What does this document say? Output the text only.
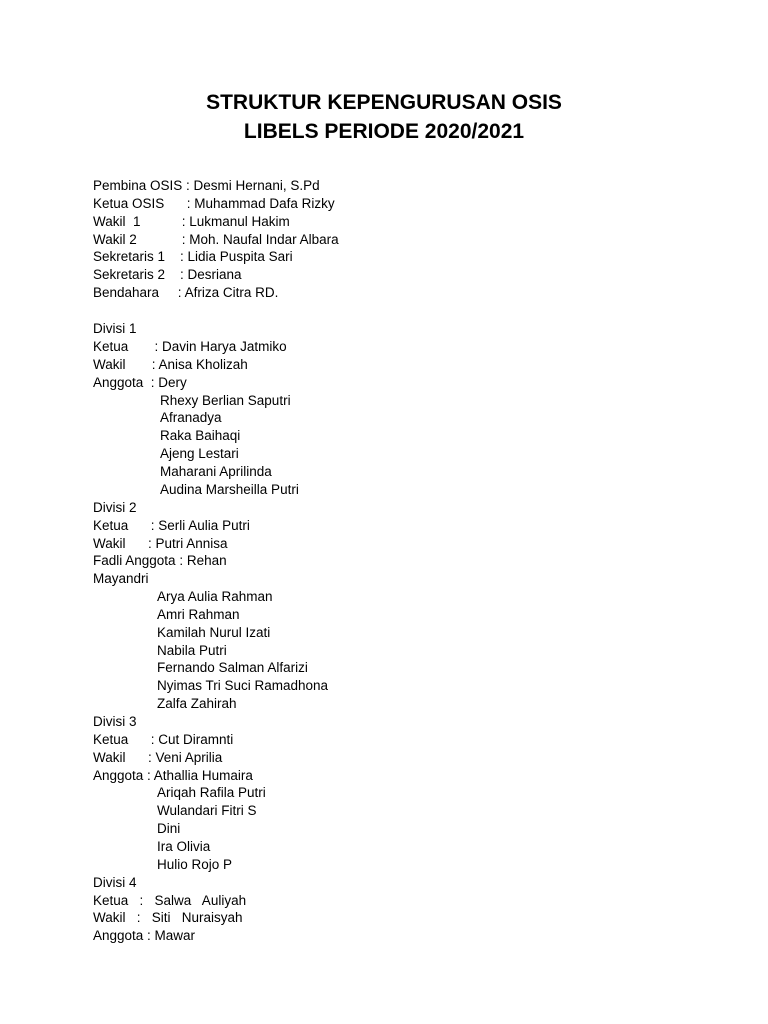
STRUKTUR KEPENGURUSAN OSIS
LIBELS PERIODE 2020/2021

Pembina OSIS : Desmi Hernani, S.Pd

Ketua OSIS      : Muhammad Dafa Rizky

Wakil  1           : Lukmanul Hakim

Wakil 2            : Moh. Naufal Indar Albara

Sekretaris 1    : Lidia Puspita Sari

Sekretaris 2    : Desriana

Bendahara     : Afriza Citra RD.

Divisi 1

Ketua       : Davin Harya Jatmiko

Wakil       : Anisa Kholizah

Anggota  : Dery

Rhexy Berlian Saputri

Afranadya

Raka Baihaqi

Ajeng Lestari

Maharani Aprilinda

Audina Marsheilla Putri

Divisi 2

Ketua      : Serli Aulia Putri

Wakil      : Putri Annisa

Fadli Anggota : Rehan

Mayandri

Arya Aulia Rahman

Amri Rahman

Kamilah Nurul Izati

Nabila Putri

Fernando Salman Alfarizi

Nyimas Tri Suci Ramadhona

Zalfa Zahirah

Divisi 3

Ketua      : Cut Diramnti

Wakil      : Veni Aprilia

Anggota : Athallia Humaira

Ariqah Rafila Putri

Wulandari Fitri S

Dini

Ira Olivia

Hulio Rojo P

Divisi 4

Ketua   :   Salwa   Auliyah

Wakil   :   Siti   Nuraisyah

Anggota : Mawar
